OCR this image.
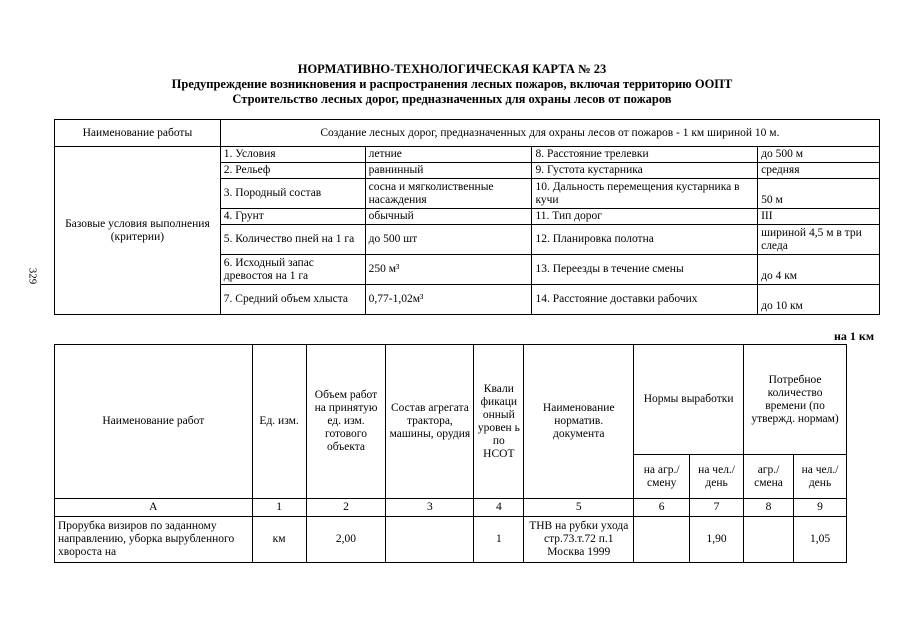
НОРМАТИВНО-ТЕХНОЛОГИЧЕСКАЯ КАРТА № 23
Предупреждение возникновения и распространения лесных пожаров, включая территорию ООПТ
Строительство лесных дорог, предназначенных для охраны лесов от пожаров
329
Наименование работы	Создание лесных дорог, предназначенных для охраны лесов от пожаров - 1 км шириной 10 м.			
Базовые условия выполнения (критерии)	1. Условия	летние	8. Расстояние трелевки	до 500 м
	2. Рельеф	равнинный	9. Густота кустарника	средняя
	3. Породный состав	сосна и мягколиственные насаждения	10. Дальность перемещения кустарника в кучи	50 м
	4. Грунт	обычный	11. Тип дорог	III
	5. Количество пней на 1 га	до 500 шт	12. Планировка полотна	шириной 4,5 м в три следа
	6. Исходный запас древостоя на 1 га	250 м³	13. Переезды в течение смены	до 4 км
	7. Средний объем хлыста	0,77-1,02м³	14. Расстояние доставки рабочих	до 10 км
на 1 км
Наименование работ	Ед. изм.	Объем работ на принятую ед. изм. готового объекта	Состав агрегата трактора, машины, орудия	Квали фикаци онный уровен ь по НСОТ	Наименование норматив. документа	Нормы выработки		Потребное количество времени (по утвержд. нормам)	
						на агр./ смену	на чел./ день	агр./ смена	на чел./ день
А	1	2	3	4	5	6	7	8	9
Прорубка визиров по заданному направлению, уборка вырубленного хвороста на	км	2,00		1	ТНВ на рубки ухода стр.73.т.72 п.1 Москва 1999		1,90		1,05
